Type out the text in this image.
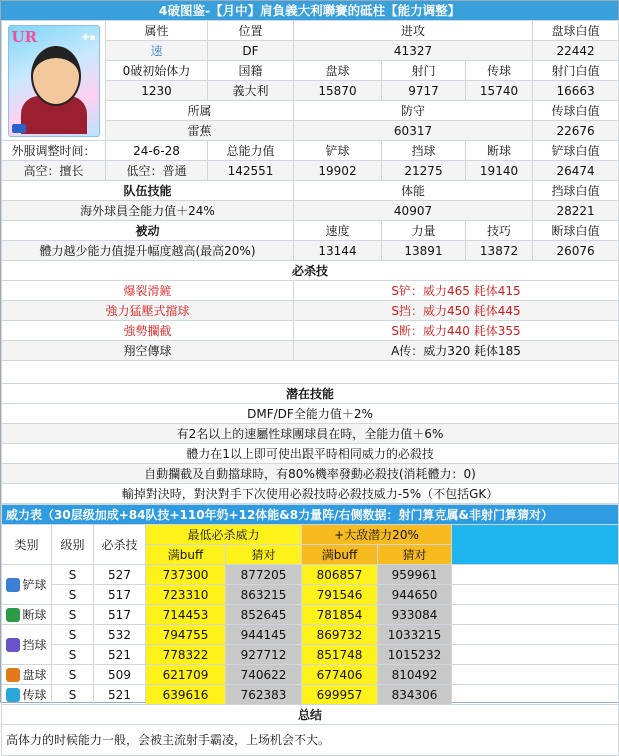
4破图鉴-【月中】肩負義大利聯賽的砥柱【能力调整】
UR ✚▪	属性	位置	进攻			盘球白值
	速	DF	41327			22442
	0破初始体力	国籍	盘球	射门	传球	射门白值
	1230	義大利	15870	9717	15740	16663
	所属		防守			传球白值
	雷蕉		60317			22676
外服调整时间：	24-6-28	总能力值	铲球	挡球	断球	铲球白值
高空：擅长	低空：普通	142551	19902	21275	19140	26474
队伍技能			体能			挡球白值
海外球員全能力值＋24%			40907			28221
被动			速度	力量	技巧	断球白值
體力越少能力值提升幅度越高(最高20%)			13144	13891	13872	26076
必杀技						
爆裂滑鏟			S铲：威力465 耗体415			
強力猛壓式擋球			S挡：威力450 耗体445			
強勢攔截			S断：威力440 耗体355			
翔空傳球			A传：威力320 耗体185			

潜在技能						
DMF/DF全能力值＋2%						
有2名以上的速屬性球團球員在時，全能力值＋6%						
體力在1以上即可使出跟平時相同威力的必殺技						
自動攔截及自動擋球時，有80%機率發動必殺技(消耗體力：0)						
輸掉對決時，對決對手下次使用必殺技時必殺技威力-5%（不包括GK）						
威力表（30层级加成+84队技+110年奶+12体能&8力量阵/右侧数据：射门算克属&非射门算猜对）							
类别	级别	必杀技	最低必杀威力		+大敌潜力20%		
			满buff	猜对	满buff	猜对	
铲球	S	527	737300	877205	806857	959961	
	S	517	723310	863215	791546	944650	
断球	S	517	714453	852645	781854	933084	
挡球	S	532	794755	944145	869732	1033215	
	S	521	778322	927712	851748	1015232	
盘球	S	509	621709	740622	677406	810492	
传球	S	521	639616	762383	699957	834306	
总结							
高体力的时候能力一般，会被主流射手霸凌，上场机会不大。							
